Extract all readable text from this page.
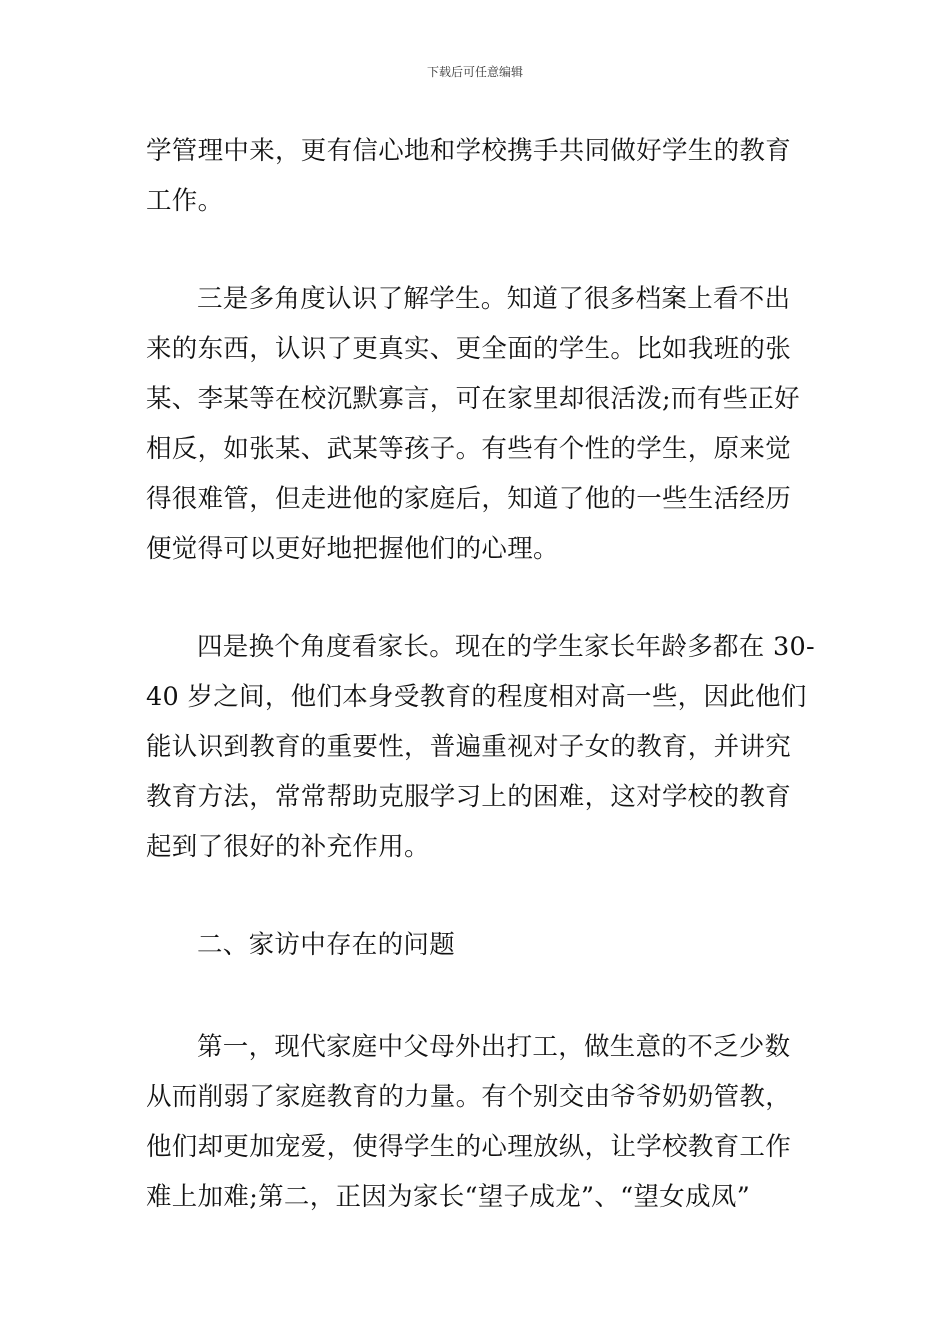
下载后可任意编辑
学管理中来，更有信心地和学校携手共同做好学生的教育
工作。
三是多角度认识了解学生。知道了很多档案上看不出
来的东西，认识了更真实、更全面的学生。比如我班的张
某、李某等在校沉默寡言，可在家里却很活泼;而有些正好
相反，如张某、武某等孩子。有些有个性的学生，原来觉
得很难管，但走进他的家庭后，知道了他的一些生活经历
便觉得可以更好地把握他们的心理。
四是换个角度看家长。现在的学生家长年龄多都在 30-
40 岁之间，他们本身受教育的程度相对高一些，因此他们
能认识到教育的重要性，普遍重视对子女的教育，并讲究
教育方法，常常帮助克服学习上的困难，这对学校的教育
起到了很好的补充作用。
二、家访中存在的问题
第一，现代家庭中父母外出打工，做生意的不乏少数
从而削弱了家庭教育的力量。有个别交由爷爷奶奶管教，
他们却更加宠爱，使得学生的心理放纵，让学校教育工作
难上加难;第二，正因为家长“望子成龙”、“望女成凤”
